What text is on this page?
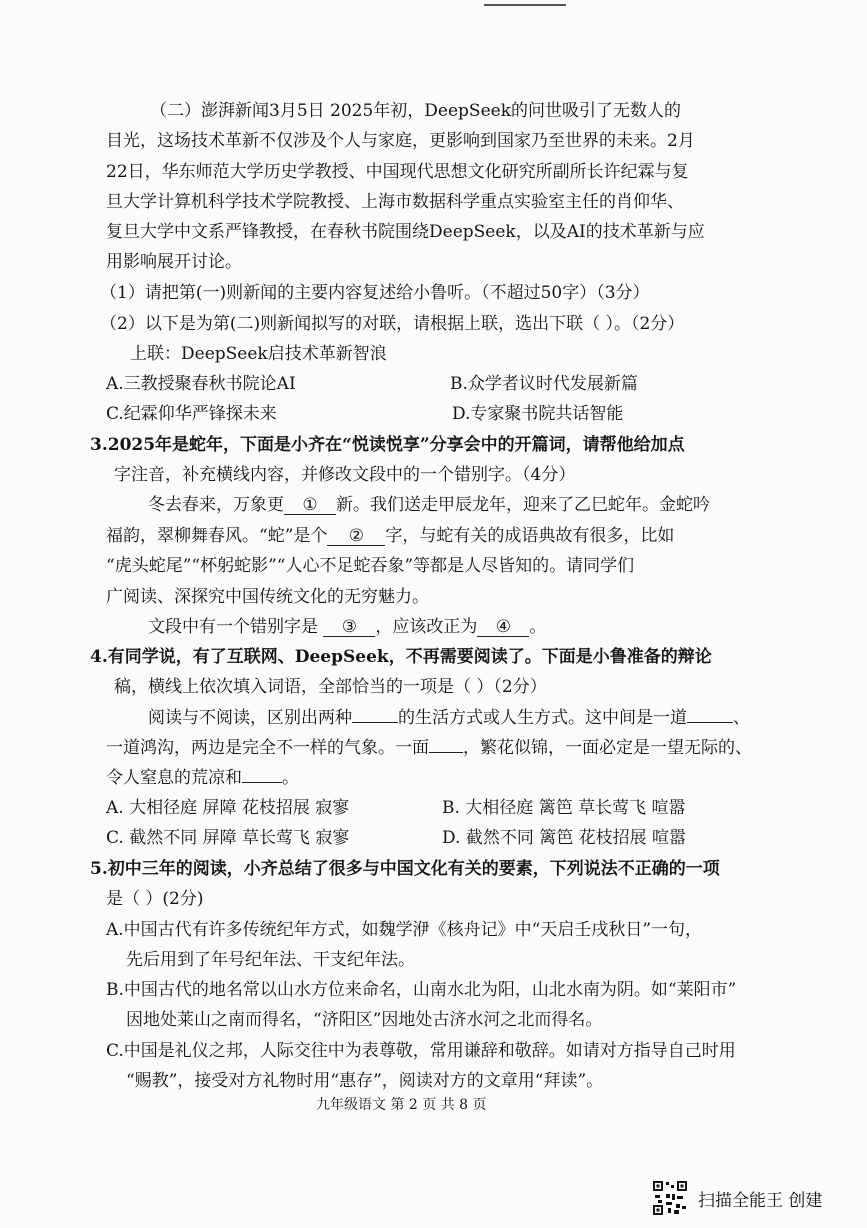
（二）澎湃新闻3月5日 2025年初，DeepSeek的问世吸引了无数人的
目光，这场技术革新不仅涉及个人与家庭，更影响到国家乃至世界的未来。2月
22日，华东师范大学历史学教授、中国现代思想文化研究所副所长许纪霖与复
旦大学计算机科学技术学院教授、上海市数据科学重点实验室主任的肖仰华、
复旦大学中文系严锋教授，在春秋书院围绕DeepSeek，以及AI的技术革新与应
用影响展开讨论。
（1）请把第(一)则新闻的主要内容复述给小鲁听。（不超过50字）（3分）
（2）以下是为第(二)则新闻拟写的对联，请根据上联，选出下联（ ）。（2分）
上联：DeepSeek启技术革新智浪
A.三教授聚春秋书院论AI	B.众学者议时代发展新篇
C.纪霖仰华严锋探未来	D.专家聚书院共话智能
3.2025年是蛇年，下面是小齐在“悦读悦享”分享会中的开篇词，请帮他给加点
字注音，补充横线内容，并修改文段中的一个错别字。（4分）
冬去春来，万象更 ① 新。我们送走甲辰龙年，迎来了乙巳蛇年。金蛇吟
福韵，翠柳舞春风。“蛇”是个 ② 字，与蛇有关的成语典故有很多，比如
“虎头蛇尾”“杯躬蛇影”“人心不足蛇吞象”等都是人尽皆知的。请同学们
广阅读、深探究中国传统文化的无穷魅力。
文段中有一个错别字是 ③ ，应该改正为 ④ 。
4.有同学说，有了互联网、DeepSeek，不再需要阅读了。下面是小鲁准备的辩论
稿，横线上依次填入词语，全部恰当的一项是（ ）（2分）
阅读与不阅读，区别出两种	的生活方式或人生方式。这中间是一道	、
一道鸿沟，两边是完全不一样的气象。一面 ，繁花似锦，一面必定是一望无际的、
令人窒息的荒凉和 。
A. 大相径庭 屏障 花枝招展 寂寥	B. 大相径庭 篱笆 草长莺飞 喧嚣
C. 截然不同 屏障 草长莺飞 寂寥	D. 截然不同 篱笆 花枝招展 喧嚣
5.初中三年的阅读，小齐总结了很多与中国文化有关的要素，下列说法不正确的一项
是（ ）(2分)
A.中国古代有许多传统纪年方式，如魏学洢《核舟记》中“天启壬戌秋日”一句，
先后用到了年号纪年法、干支纪年法。
B.中国古代的地名常以山水方位来命名，山南水北为阳，山北水南为阴。如“莱阳市”
因地处莱山之南而得名，“济阳区”因地处古济水河之北而得名。
C.中国是礼仪之邦，人际交往中为表尊敬，常用谦辞和敬辞。如请对方指导自己时用
“赐教”，接受对方礼物时用“惠存”，阅读对方的文章用“拜读”。
九年级语文 第 2 页 共 8 页
扫描全能王 创建
